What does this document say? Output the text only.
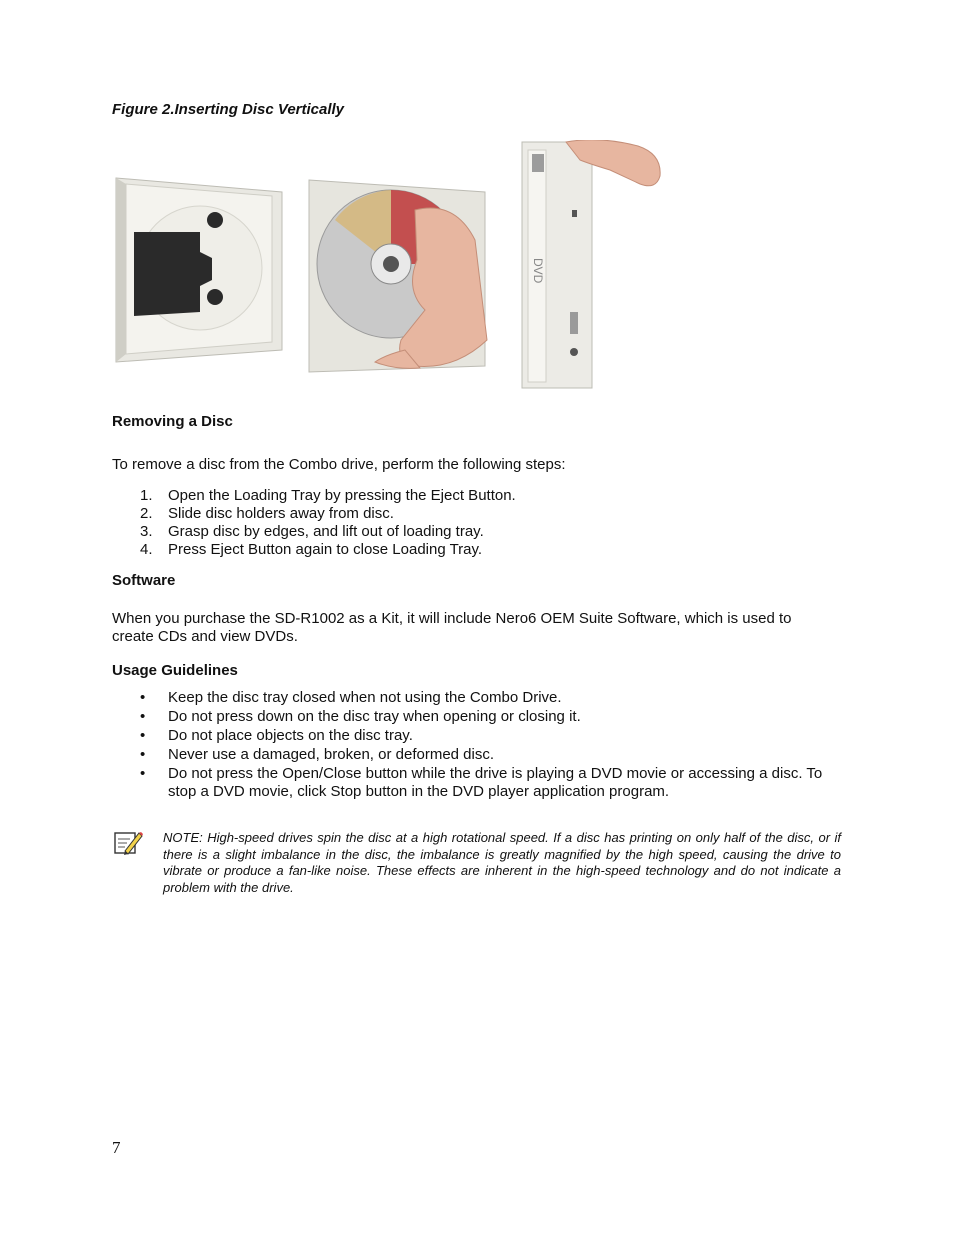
Figure 2.Inserting Disc Vertically
DVD
Removing a Disc
To remove a disc from the Combo drive, perform the following steps:
1.	Open the Loading Tray by pressing the Eject Button.
2.	Slide disc holders away from disc.
3.	Grasp disc by edges, and lift out of loading tray.
4.	Press Eject Button again to close Loading Tray.
Software
When you purchase the SD-R1002 as a Kit, it will include Nero6 OEM Suite Software, which is used to create CDs and view DVDs.
Usage Guidelines
•	Keep the disc tray closed when not using the Combo Drive.
•	Do not press down on the disc tray when opening or closing it.
•	Do not place objects on the disc tray.
•	Never use a damaged, broken, or deformed disc.
•	Do not press the Open/Close button while the drive is playing a DVD movie or accessing a disc. To stop a DVD movie, click Stop button in the DVD player application program.
NOTE: High-speed drives spin the disc at a high rotational speed. If a disc has printing on only half of the disc, or if there is a slight imbalance in the disc, the imbalance is greatly magnified by the high speed, causing the drive to vibrate or produce a fan-like noise. These effects are inherent in the high-speed technology and do not indicate a problem with the drive.
7
